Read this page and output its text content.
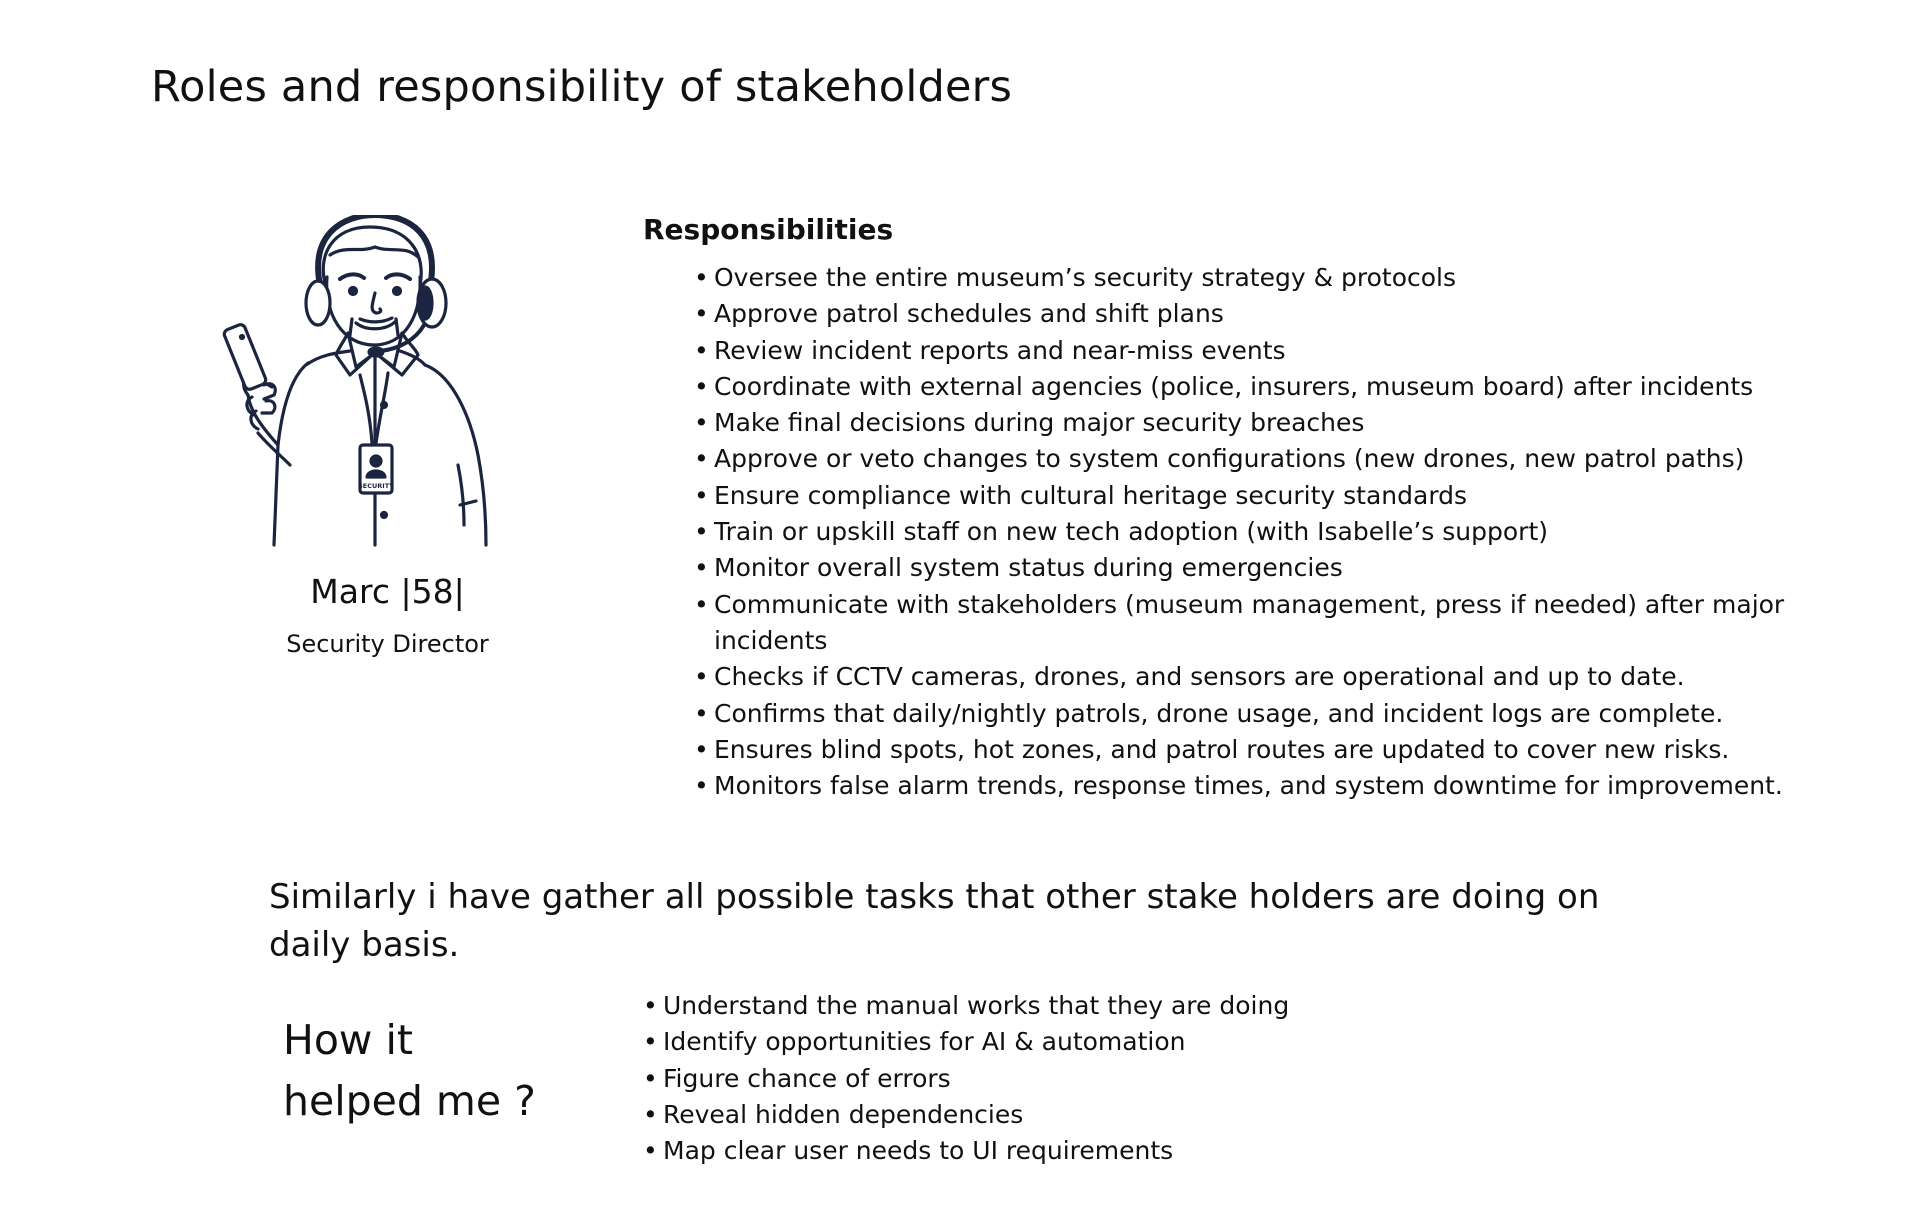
Roles and responsibility of stakeholders
SECURITY
Marc |58|
Security Director
Responsibilities
• Oversee the entire museum’s security strategy & protocols
• Approve patrol schedules and shift plans
• Review incident reports and near-miss events
• Coordinate with external agencies (police, insurers, museum board) after incidents
• Make final decisions during major security breaches
• Approve or veto changes to system configurations (new drones, new patrol paths)
• Ensure compliance with cultural heritage security standards
• Train or upskill staff on new tech adoption (with Isabelle’s support)
• Monitor overall system status during emergencies
• Communicate with stakeholders (museum management, press if needed) after major incidents
• Checks if CCTV cameras, drones, and sensors are operational and up to date.
• Confirms that daily/nightly patrols, drone usage, and incident logs are complete.
• Ensures blind spots, hot zones, and patrol routes are updated to cover new risks.
• Monitors false alarm trends, response times, and system downtime for improvement.
Similarly i have gather all possible tasks that other stake holders are doing on daily basis.
How it
helped me ?
• Understand the manual works that they are doing
• Identify opportunities for AI & automation
• Figure chance of errors
• Reveal hidden dependencies
• Map clear user needs to UI requirements
